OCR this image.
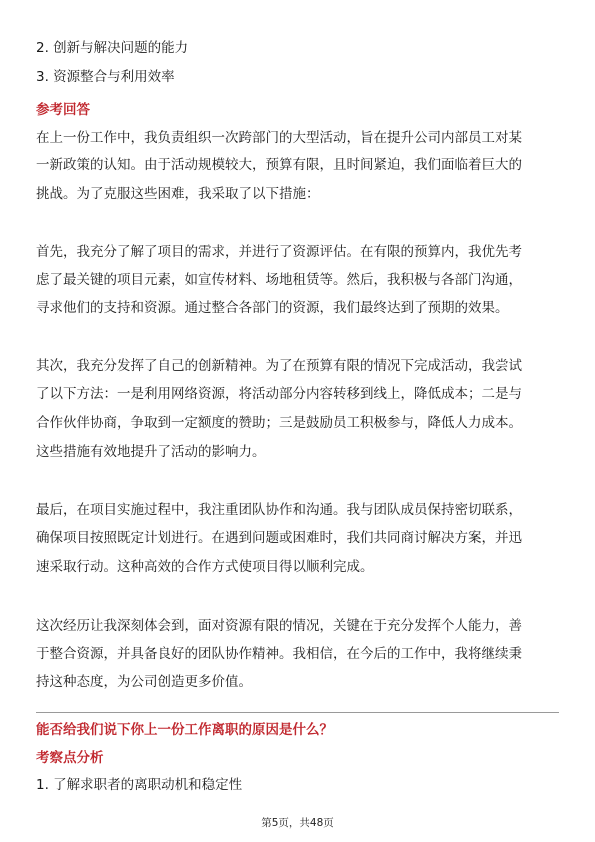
2. 创新与解决问题的能力
3. 资源整合与利用效率
参考回答
在上一份工作中，我负责组织一次跨部门的大型活动，旨在提升公司内部员工对某
一新政策的认知。由于活动规模较大，预算有限，且时间紧迫，我们面临着巨大的
挑战。为了克服这些困难，我采取了以下措施：
首先，我充分了解了项目的需求，并进行了资源评估。在有限的预算内，我优先考
虑了最关键的项目元素，如宣传材料、场地租赁等。然后，我积极与各部门沟通，
寻求他们的支持和资源。通过整合各部门的资源，我们最终达到了预期的效果。
其次，我充分发挥了自己的创新精神。为了在预算有限的情况下完成活动，我尝试
了以下方法：一是利用网络资源，将活动部分内容转移到线上，降低成本；二是与
合作伙伴协商，争取到一定额度的赞助；三是鼓励员工积极参与，降低人力成本。
这些措施有效地提升了活动的影响力。
最后，在项目实施过程中，我注重团队协作和沟通。我与团队成员保持密切联系，
确保项目按照既定计划进行。在遇到问题或困难时，我们共同商讨解决方案，并迅
速采取行动。这种高效的合作方式使项目得以顺利完成。
这次经历让我深刻体会到，面对资源有限的情况，关键在于充分发挥个人能力，善
于整合资源，并具备良好的团队协作精神。我相信，在今后的工作中，我将继续秉
持这种态度，为公司创造更多价值。
能否给我们说下你上一份工作离职的原因是什么？
考察点分析
1. 了解求职者的离职动机和稳定性
第5页，共48页
